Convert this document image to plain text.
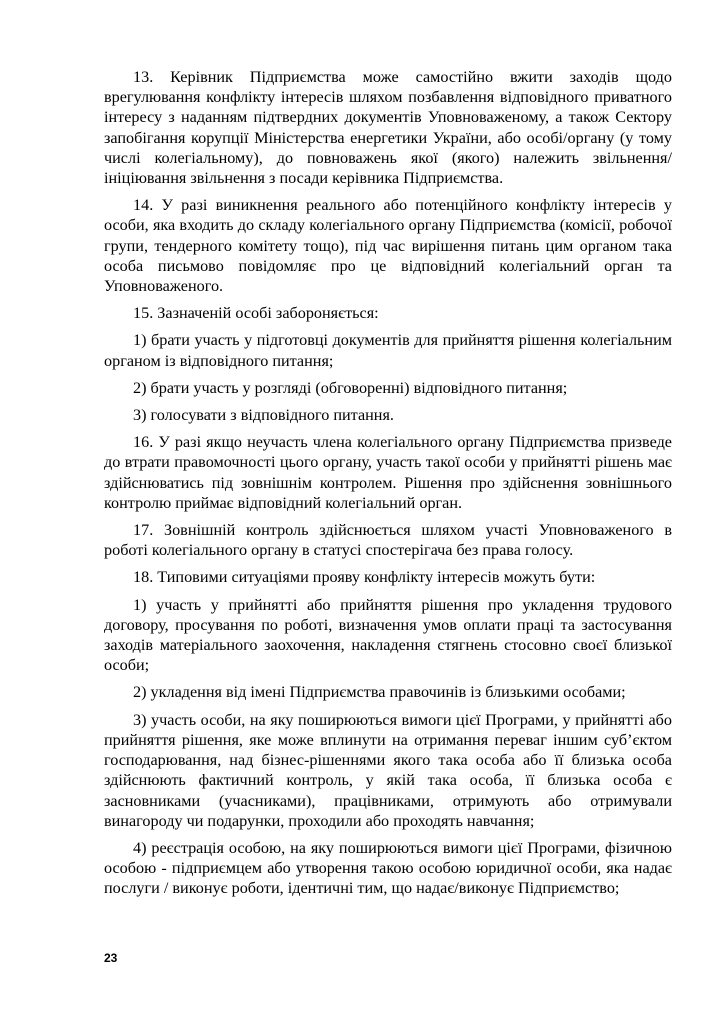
13. Керівник Підприємства може самостійно вжити заходів щодо врегулювання конфлікту інтересів шляхом позбавлення відповідного приватного інтересу з наданням підтвердних документів Уповноваженому, а також Сектору запобігання корупції Міністерства енергетики України, або особі/органу (у тому числі колегіальному), до повноважень якої (якого) належить звільнення/ініціювання звільнення з посади керівника Підприємства.

14. У разі виникнення реального або потенційного конфлікту інтересів у особи, яка входить до складу колегіального органу Підприємства (комісії, робочої групи, тендерного комітету тощо), під час вирішення питань цим органом така особа письмово повідомляє про це відповідний колегіальний орган та Уповноваженого.

15. Зазначеній особі забороняється:

1) брати участь у підготовці документів для прийняття рішення колегіальним органом із відповідного питання;

2) брати участь у розгляді (обговоренні) відповідного питання;

3) голосувати з відповідного питання.

16. У разі якщо неучасть члена колегіального органу Підприємства призведе до втрати правомочності цього органу, участь такої особи у прийнятті рішень має здійснюватись під зовнішнім контролем. Рішення про здійснення зовнішнього контролю приймає відповідний колегіальний орган.

17. Зовнішній контроль здійснюється шляхом участі Уповноваженого в роботі колегіального органу в статусі спостерігача без права голосу.

18. Типовими ситуаціями прояву конфлікту інтересів можуть бути:

1) участь у прийнятті або прийняття рішення про укладення трудового договору, просування по роботі, визначення умов оплати праці та застосування заходів матеріального заохочення, накладення стягнень стосовно своєї близької особи;

2) укладення від імені Підприємства правочинів із близькими особами;

3) участь особи, на яку поширюються вимоги цієї Програми, у прийнятті або прийняття рішення, яке може вплинути на отримання переваг іншим суб’єктом господарювання, над бізнес-рішеннями якого така особа або її близька особа здійснюють фактичний контроль, у якій така особа, її близька особа є засновниками (учасниками), працівниками, отримують або отримували винагороду чи подарунки, проходили або проходять навчання;

4) реєстрація особою, на яку поширюються вимоги цієї Програми, фізичною особою - підприємцем або утворення такою особою юридичної особи, яка надає послуги / виконує роботи, ідентичні тим, що надає/виконує Підприємство;

23
